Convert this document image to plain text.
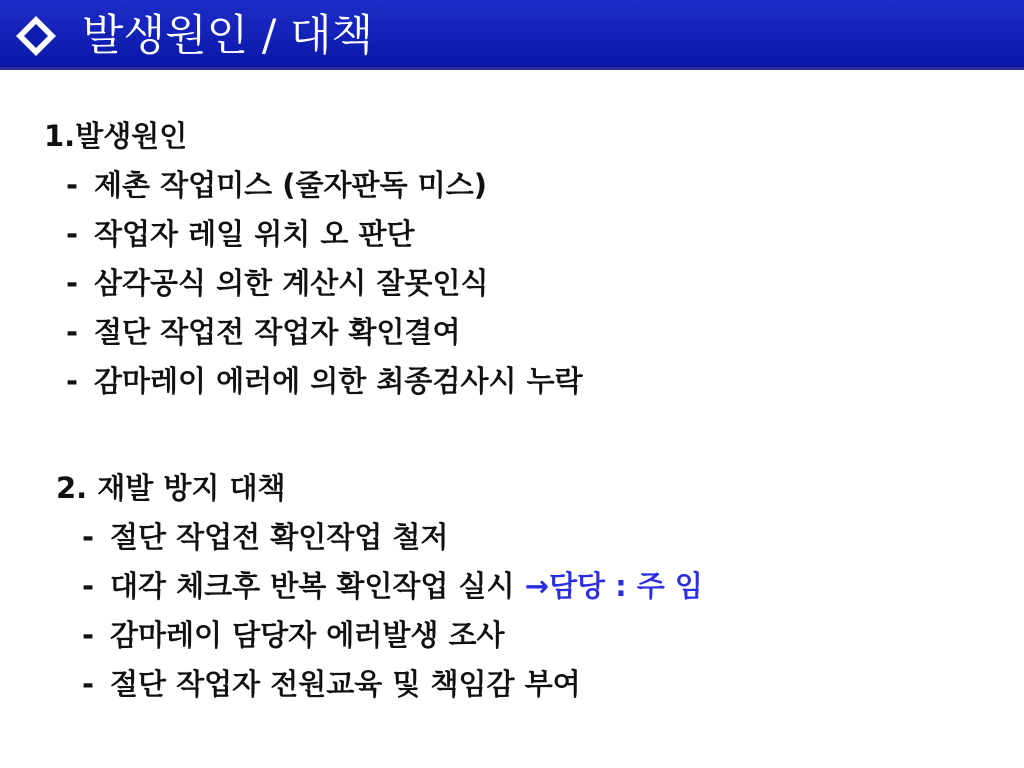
발생원인 / 대책
1.발생원인
- 제촌 작업미스 (줄자판독 미스)
- 작업자 레일 위치 오 판단
- 삼각공식 의한 계산시 잘못인식
- 절단 작업전 작업자 확인결여
- 감마레이 에러에 의한 최종검사시 누락
2. 재발 방지 대책
- 절단 작업전 확인작업 철저
- 대각 체크후 반복 확인작업 실시 →담당 : 주 임
- 감마레이 담당자 에러발생 조사
- 절단 작업자 전원교육 및 책임감 부여
